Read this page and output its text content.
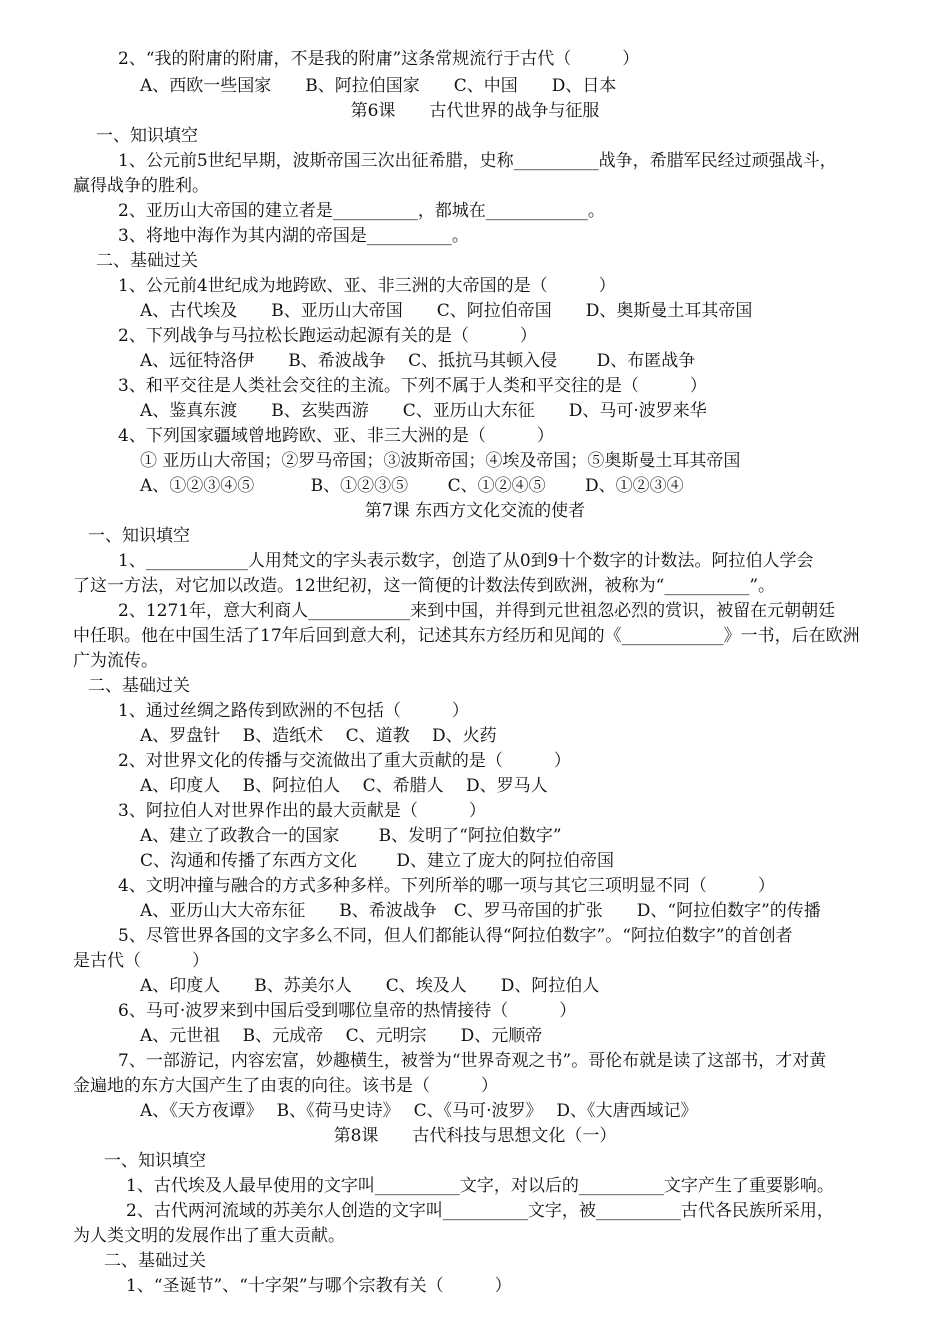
2、“我的附庸的附庸，不是我的附庸”这条常规流行于古代（　　　）
A、西欧一些国家　　B、阿拉伯国家　　C、中国　　D、日本
第6课　　古代世界的战争与征服
一、知识填空
1、公元前5世纪早期，波斯帝国三次出征希腊，史称__________战争，希腊军民经过顽强战斗，
赢得战争的胜利。
2、亚历山大帝国的建立者是__________，都城在____________。
3、将地中海作为其内湖的帝国是__________。
二、基础过关
1、公元前4世纪成为地跨欧、亚、非三洲的大帝国的是（　　　）
A、古代埃及　　B、亚历山大帝国　　C、阿拉伯帝国　　D、奥斯曼土耳其帝国
2、下列战争与马拉松长跑运动起源有关的是（　　　）
A、远征特洛伊　　B、希波战争　 C、抵抗马其顿入侵　　 D、布匿战争
3、和平交往是人类社会交往的主流。下列不属于人类和平交往的是（　　　）
A、鉴真东渡　　B、玄奘西游　　C、亚历山大东征　　D、马可·波罗来华
4、下列国家疆域曾地跨欧、亚、非三大洲的是（　　　）
① 亚历山大帝国；②罗马帝国；③波斯帝国；④埃及帝国；⑤奥斯曼土耳其帝国
A、①②③④⑤　　　 B、①②③⑤　　 C、①②④⑤　　 D、①②③④
第7课 东西方文化交流的使者
一、知识填空
1、____________人用梵文的字头表示数字，创造了从0到9十个数字的计数法。阿拉伯人学会
了这一方法，对它加以改造。12世纪初，这一简便的计数法传到欧洲，被称为“__________”。
2、1271年，意大利商人____________来到中国，并得到元世祖忽必烈的赏识，被留在元朝朝廷
中任职。他在中国生活了17年后回到意大利，记述其东方经历和见闻的《____________》一书，后在欧洲
广为流传。
二、基础过关
1、通过丝绸之路传到欧洲的不包括（　　　）
A、罗盘针　 B、造纸术　 C、道教　 D、火药
2、对世界文化的传播与交流做出了重大贡献的是（　　　）
A、印度人　 B、阿拉伯人　 C、希腊人　 D、罗马人
3、阿拉伯人对世界作出的最大贡献是（　　　）
A、建立了政教合一的国家　　 B、发明了“阿拉伯数字”
C、沟通和传播了东西方文化　　 D、建立了庞大的阿拉伯帝国
4、文明冲撞与融合的方式多种多样。下列所举的哪一项与其它三项明显不同（　　　）
A、亚历山大大帝东征　　B、希波战争　C、罗马帝国的扩张　　D、“阿拉伯数字”的传播
5、尽管世界各国的文字多么不同，但人们都能认得“阿拉伯数字”。“阿拉伯数字”的首创者
是古代（　　　）
A、印度人　　B、苏美尔人　　C、埃及人　　D、阿拉伯人
6、马可·波罗来到中国后受到哪位皇帝的热情接待（　　　）
A、元世祖　 B、元成帝　 C、元明宗　　D、元顺帝
7、一部游记，内容宏富，妙趣横生，被誉为“世界奇观之书”。哥伦布就是读了这部书，才对黄
金遍地的东方大国产生了由衷的向往。该书是（　　　）
A、《天方夜谭》　 B、《荷马史诗》　 C、《马可·波罗》　 D、《大唐西域记》
第8课　　古代科技与思想文化（一）
一、知识填空
1、古代埃及人最早使用的文字叫__________文字，对以后的__________文字产生了重要影响。
2、古代两河流域的苏美尔人创造的文字叫__________文字，被__________古代各民族所采用，
为人类文明的发展作出了重大贡献。
二、基础过关
1、“圣诞节”、“十字架”与哪个宗教有关（　　　）
